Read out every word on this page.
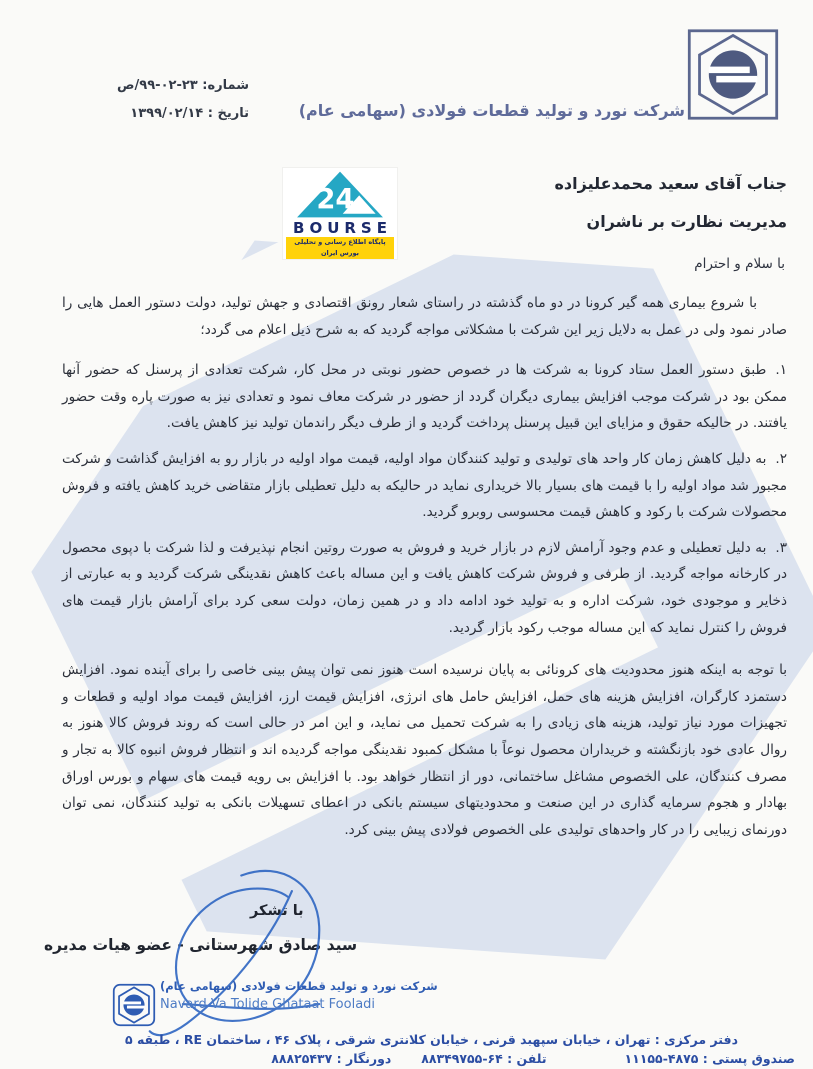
شماره: ۲۳-۰۲-۹۹/ص
تاریخ : ۱۳۹۹/۰۲/۱۴	شرکت نورد و تولید قطعات فولادی (سهامی عام)
24
BOURSE
پایگاه اطلاع رسانی و تحلیلی بورس ایران
جناب آقای سعید محمدعلیزاده
مدیریت نظارت بر ناشران
با سلام و احترام

با شروع بیماری همه گیر کرونا در دو ماه گذشته در راستای شعار رونق اقتصادی و جهش تولید، دولت دستور العمل هایی را صادر نمود ولی در عمل به دلایل زیر این شرکت با مشکلاتی مواجه گردید که به شرح ذیل اعلام می گردد؛

۱.طبق دستور العمل ستاد کرونا به شرکت ها در خصوص حضور نوبتی در محل کار، شرکت تعدادی از پرسنل که حضور آنها ممکن بود در شرکت موجب افزایش بیماری دیگران گردد از حضور در شرکت معاف نمود و تعدادی نیز به صورت پاره وقت حضور یافتند. در حالیکه حقوق و مزایای این قبیل پرسنل پرداخت گردید و از طرف دیگر راندمان تولید نیز کاهش یافت.

۲.به دلیل کاهش زمان کار واحد های تولیدی و تولید کنندگان مواد اولیه، قیمت مواد اولیه در بازار رو به افزایش گذاشت و شرکت مجبور شد مواد اولیه را با قیمت های بسیار بالا خریداری نماید در حالیکه به دلیل تعطیلی بازار متقاضی خرید کاهش یافته و فروش محصولات شرکت با رکود و کاهش قیمت محسوسی روبرو گردید.

۳.به دلیل تعطیلی و عدم وجود آرامش لازم در بازار خرید و فروش به صورت روتین انجام نپذیرفت و لذا شرکت با دپوی محصول در کارخانه مواجه گردید. از طرفی و فروش شرکت کاهش یافت و این مساله باعث کاهش نقدینگی شرکت گردید و به عبارتی از ذخایر و موجودی خود، شرکت اداره و به تولید خود ادامه داد و در همین زمان، دولت سعی کرد برای آرامش بازار قیمت های فروش را کنترل نماید که این مساله موجب رکود بازار گردید.

با توجه به اینکه هنوز محدودیت های کرونائی به پایان نرسیده است هنوز نمی توان پیش بینی خاصی را برای آینده نمود. افزایش دستمزد کارگران، افزایش هزینه های حمل، افزایش حامل های انرژی، افزایش قیمت ارز، افزایش قیمت مواد اولیه و قطعات و تجهیزات مورد نیاز تولید، هزینه های زیادی را به شرکت تحمیل می نماید، و این امر در حالی است که روند فروش کالا هنوز به روال عادی خود بازنگشته و خریداران محصول نوعاً با مشکل کمبود نقدینگی مواجه گردیده اند و انتظار فروش انبوه کالا به تجار و مصرف کنندگان، علی الخصوص مشاغل ساختمانی، دور از انتظار خواهد بود. با افزایش بی رویه قیمت های سهام و بورس اوراق بهادار و هجوم سرمایه گذاری در این صنعت و محدودیتهای سیستم بانکی در اعطای تسهیلات بانکی به تولید کنندگان، نمی توان دورنمای زیبایی را در کار واحدهای تولیدی علی الخصوص فولادی پیش بینی کرد.

با تشکر
سید صادق شهرستانی - عضو هیات مدیره
شرکت نورد و تولید قطعات فولادی (سهامی عام)
Navard Va Tolide Ghataat Fooladi
دفتر مرکزی : تهران ، خیابان سپهبد قرنی ، خیابان کلانتری شرقی ، پلاک ۴۶ ، ساختمان RE ، طبقه ۵
صندوق پستی : ۴۸۷۵-۱۱۱۵۵
تلفن : ۶۴-۸۸۳۴۹۷۵۵
دورنگار : ۸۸۸۲۵۴۳۷
